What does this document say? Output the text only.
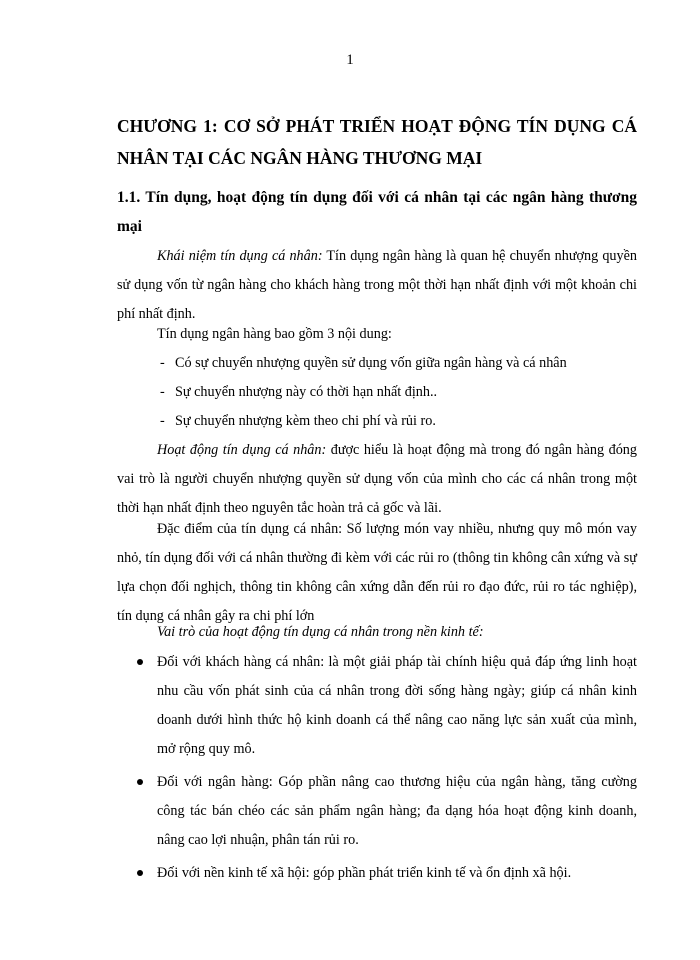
1
CHƯƠNG 1: CƠ SỞ PHÁT TRIỂN HOẠT ĐỘNG TÍN DỤNG CÁ NHÂN TẠI CÁC NGÂN HÀNG THƯƠNG MẠI
1.1. Tín dụng, hoạt động tín dụng đối với cá nhân tại các ngân hàng thương mại

Khái niệm tín dụng cá nhân: Tín dụng ngân hàng là quan hệ chuyển nhượng quyền sử dụng vốn từ ngân hàng cho khách hàng trong một thời hạn nhất định với một khoản chi phí nhất định.

Tín dụng ngân hàng bao gồm 3 nội dung:

- Có sự chuyển nhượng quyền sử dụng vốn giữa ngân hàng và cá nhân
- Sự chuyển nhượng này có thời hạn nhất định..
- Sự chuyển nhượng kèm theo chi phí và rủi ro.

Hoạt động tín dụng cá nhân: được hiểu là hoạt động mà trong đó ngân hàng đóng vai trò là người chuyển nhượng quyền sử dụng vốn của mình cho các cá nhân trong một thời hạn nhất định theo nguyên tắc hoàn trả cả gốc và lãi.

Đặc điểm của tín dụng cá nhân: Số lượng món vay nhiều, nhưng quy mô món vay nhỏ, tín dụng đối với cá nhân thường đi kèm với các rủi ro (thông tin không cân xứng và sự lựa chọn đối nghịch, thông tin không cân xứng dẫn đến rủi ro đạo đức, rủi ro tác nghiệp), tín dụng cá nhân gây ra chi phí lớn

Vai trò của hoạt động tín dụng cá nhân trong nền kinh tế:

Đối với khách hàng cá nhân: là một giải pháp tài chính hiệu quả đáp ứng linh hoạt nhu cầu vốn phát sinh của cá nhân trong đời sống hàng ngày; giúp cá nhân kinh doanh dưới hình thức hộ kinh doanh cá thể nâng cao năng lực sản xuất của mình, mở rộng quy mô.
Đối với ngân hàng: Góp phần nâng cao thương hiệu của ngân hàng, tăng cường công tác bán chéo các sản phẩm ngân hàng; đa dạng hóa hoạt động kinh doanh, nâng cao lợi nhuận, phân tán rủi ro.
Đối với nền kinh tế xã hội: góp phần phát triển kinh tế và ổn định xã hội.
